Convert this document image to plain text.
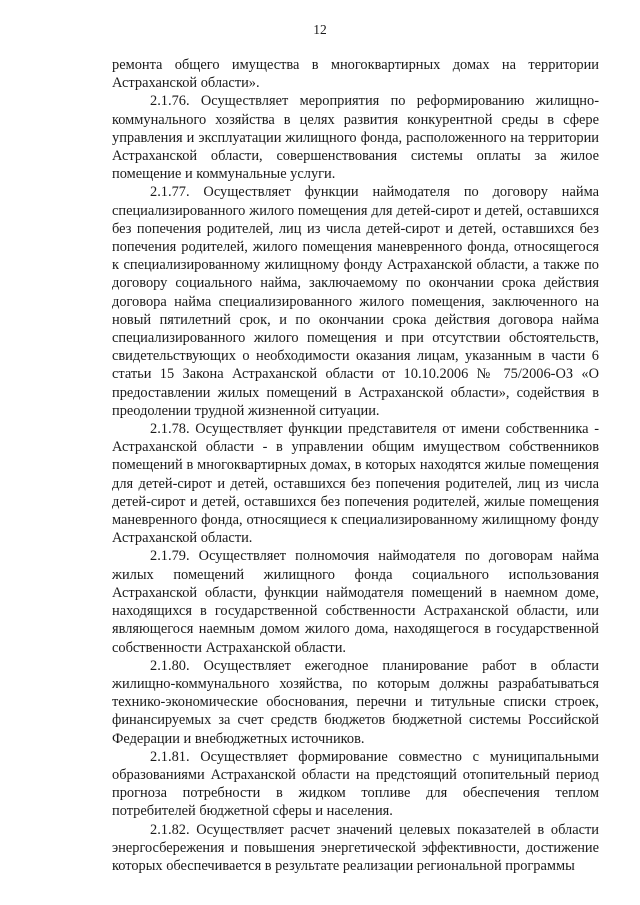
12

ремонта общего имущества в многоквартирных домах на территории Астраханской области».

2.1.76. Осуществляет мероприятия по реформированию жилищно-коммунального хозяйства в целях развития конкурентной среды в сфере управления и эксплуатации жилищного фонда, расположенного на территории Астраханской области, совершенствования системы оплаты за жилое помещение и коммунальные услуги.

2.1.77. Осуществляет функции наймодателя по договору найма специализированного жилого помещения для детей-сирот и детей, оставшихся без попечения родителей, лиц из числа детей-сирот и детей, оставшихся без попечения родителей, жилого помещения маневренного фонда, относящегося к специализированному жилищному фонду Астраханской области, а также по договору социального найма, заключаемому по окончании срока действия договора найма специализированного жилого помещения, заключенного на новый пятилетний срок, и по окончании срока действия договора найма специализированного жилого помещения и при отсутствии обстоятельств, свидетельствующих о необходимости оказания лицам, указанным в части 6 статьи 15 Закона Астраханской области от 10.10.2006 № 75/2006-ОЗ «О предоставлении жилых помещений в Астраханской области», содействия в преодолении трудной жизненной ситуации.

2.1.78. Осуществляет функции представителя от имени собственника - Астраханской области - в управлении общим имуществом собственников помещений в многоквартирных домах, в которых находятся жилые помещения для детей-сирот и детей, оставшихся без попечения родителей, лиц из числа детей-сирот и детей, оставшихся без попечения родителей, жилые помещения маневренного фонда, относящиеся к специализированному жилищному фонду Астраханской области.

2.1.79. Осуществляет полномочия наймодателя по договорам найма жилых помещений жилищного фонда социального использования Астраханской области, функции наймодателя помещений в наемном доме, находящихся в государственной собственности Астраханской области, или являющегося наемным домом жилого дома, находящегося в государственной собственности Астраханской области.

2.1.80. Осуществляет ежегодное планирование работ в области жилищно-коммунального хозяйства, по которым должны разрабатываться технико-экономические обоснования, перечни и титульные списки строек, финансируемых за счет средств бюджетов бюджетной системы Российской Федерации и внебюджетных источников.

2.1.81. Осуществляет формирование совместно с муниципальными образованиями Астраханской области на предстоящий отопительный период прогноза потребности в жидком топливе для обеспечения теплом потребителей бюджетной сферы и населения.

2.1.82. Осуществляет расчет значений целевых показателей в области энергосбережения и повышения энергетической эффективности, достижение которых обеспечивается в результате реализации региональной программы
